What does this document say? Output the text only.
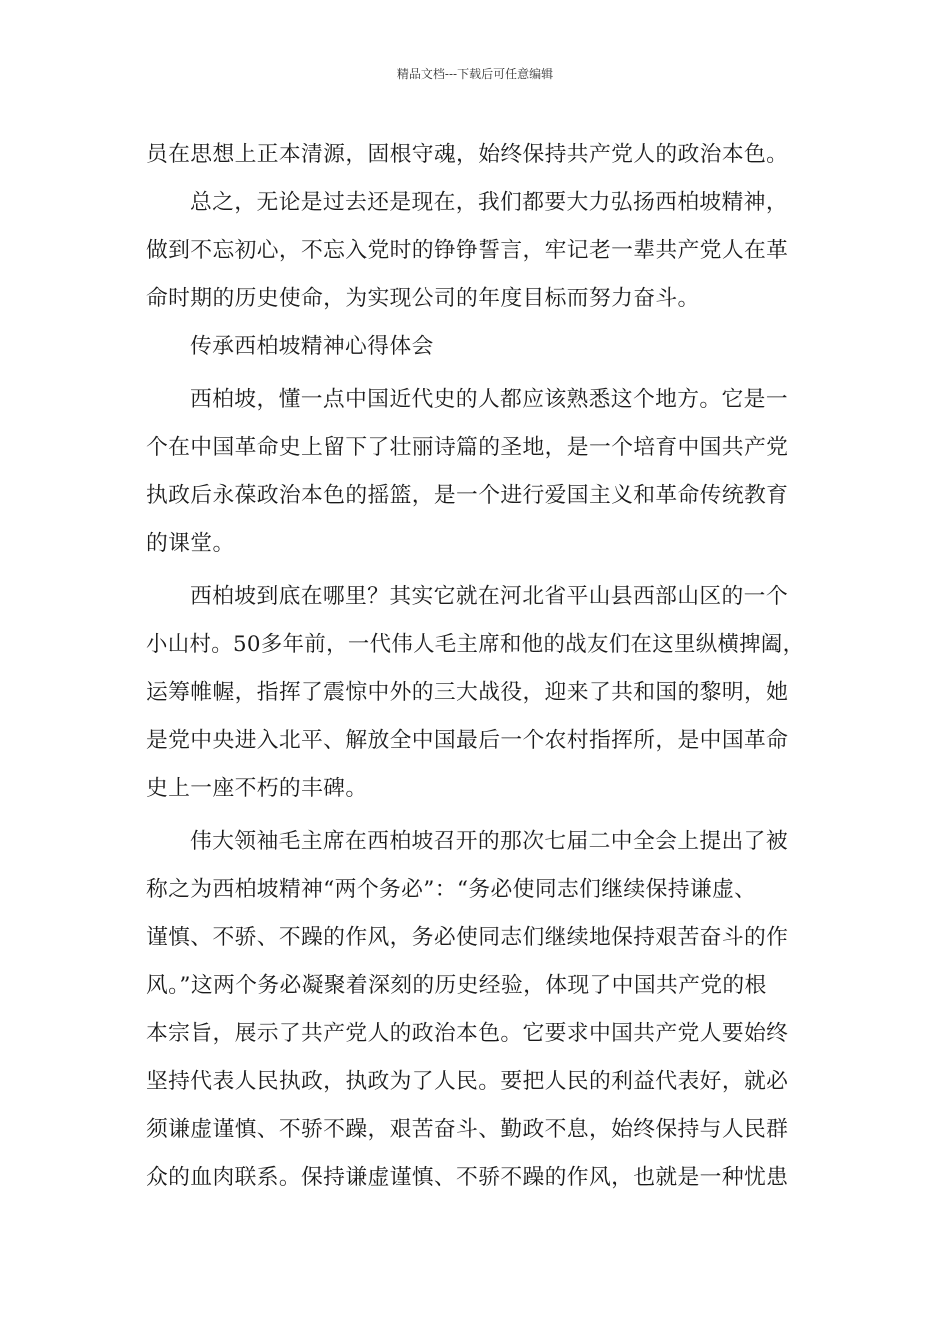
精品文档---下载后可任意编辑
员在思想上正本清源，固根守魂，始终保持共产党人的政治本色。
总之，无论是过去还是现在，我们都要大力弘扬西柏坡精神，
做到不忘初心，不忘入党时的铮铮誓言，牢记老一辈共产党人在革
命时期的历史使命，为实现公司的年度目标而努力奋斗。
传承西柏坡精神心得体会
西柏坡，懂一点中国近代史的人都应该熟悉这个地方。它是一
个在中国革命史上留下了壮丽诗篇的圣地，是一个培育中国共产党
执政后永葆政治本色的摇篮，是一个进行爱国主义和革命传统教育
的课堂。
西柏坡到底在哪里？其实它就在河北省平山县西部山区的一个
小山村。50多年前，一代伟人毛主席和他的战友们在这里纵横捭阖，
运筹帷幄，指挥了震惊中外的三大战役，迎来了共和国的黎明，她
是党中央进入北平、解放全中国最后一个农村指挥所，是中国革命
史上一座不朽的丰碑。
伟大领袖毛主席在西柏坡召开的那次七届二中全会上提出了被
称之为西柏坡精神“两个务必”：“务必使同志们继续保持谦虚、
谨慎、不骄、不躁的作风，务必使同志们继续地保持艰苦奋斗的作
风。”这两个务必凝聚着深刻的历史经验，体现了中国共产党的根
本宗旨，展示了共产党人的政治本色。它要求中国共产党人要始终
坚持代表人民执政，执政为了人民。要把人民的利益代表好，就必
须谦虚谨慎、不骄不躁，艰苦奋斗、勤政不息，始终保持与人民群
众的血肉联系。保持谦虚谨慎、不骄不躁的作风，也就是一种忧患
